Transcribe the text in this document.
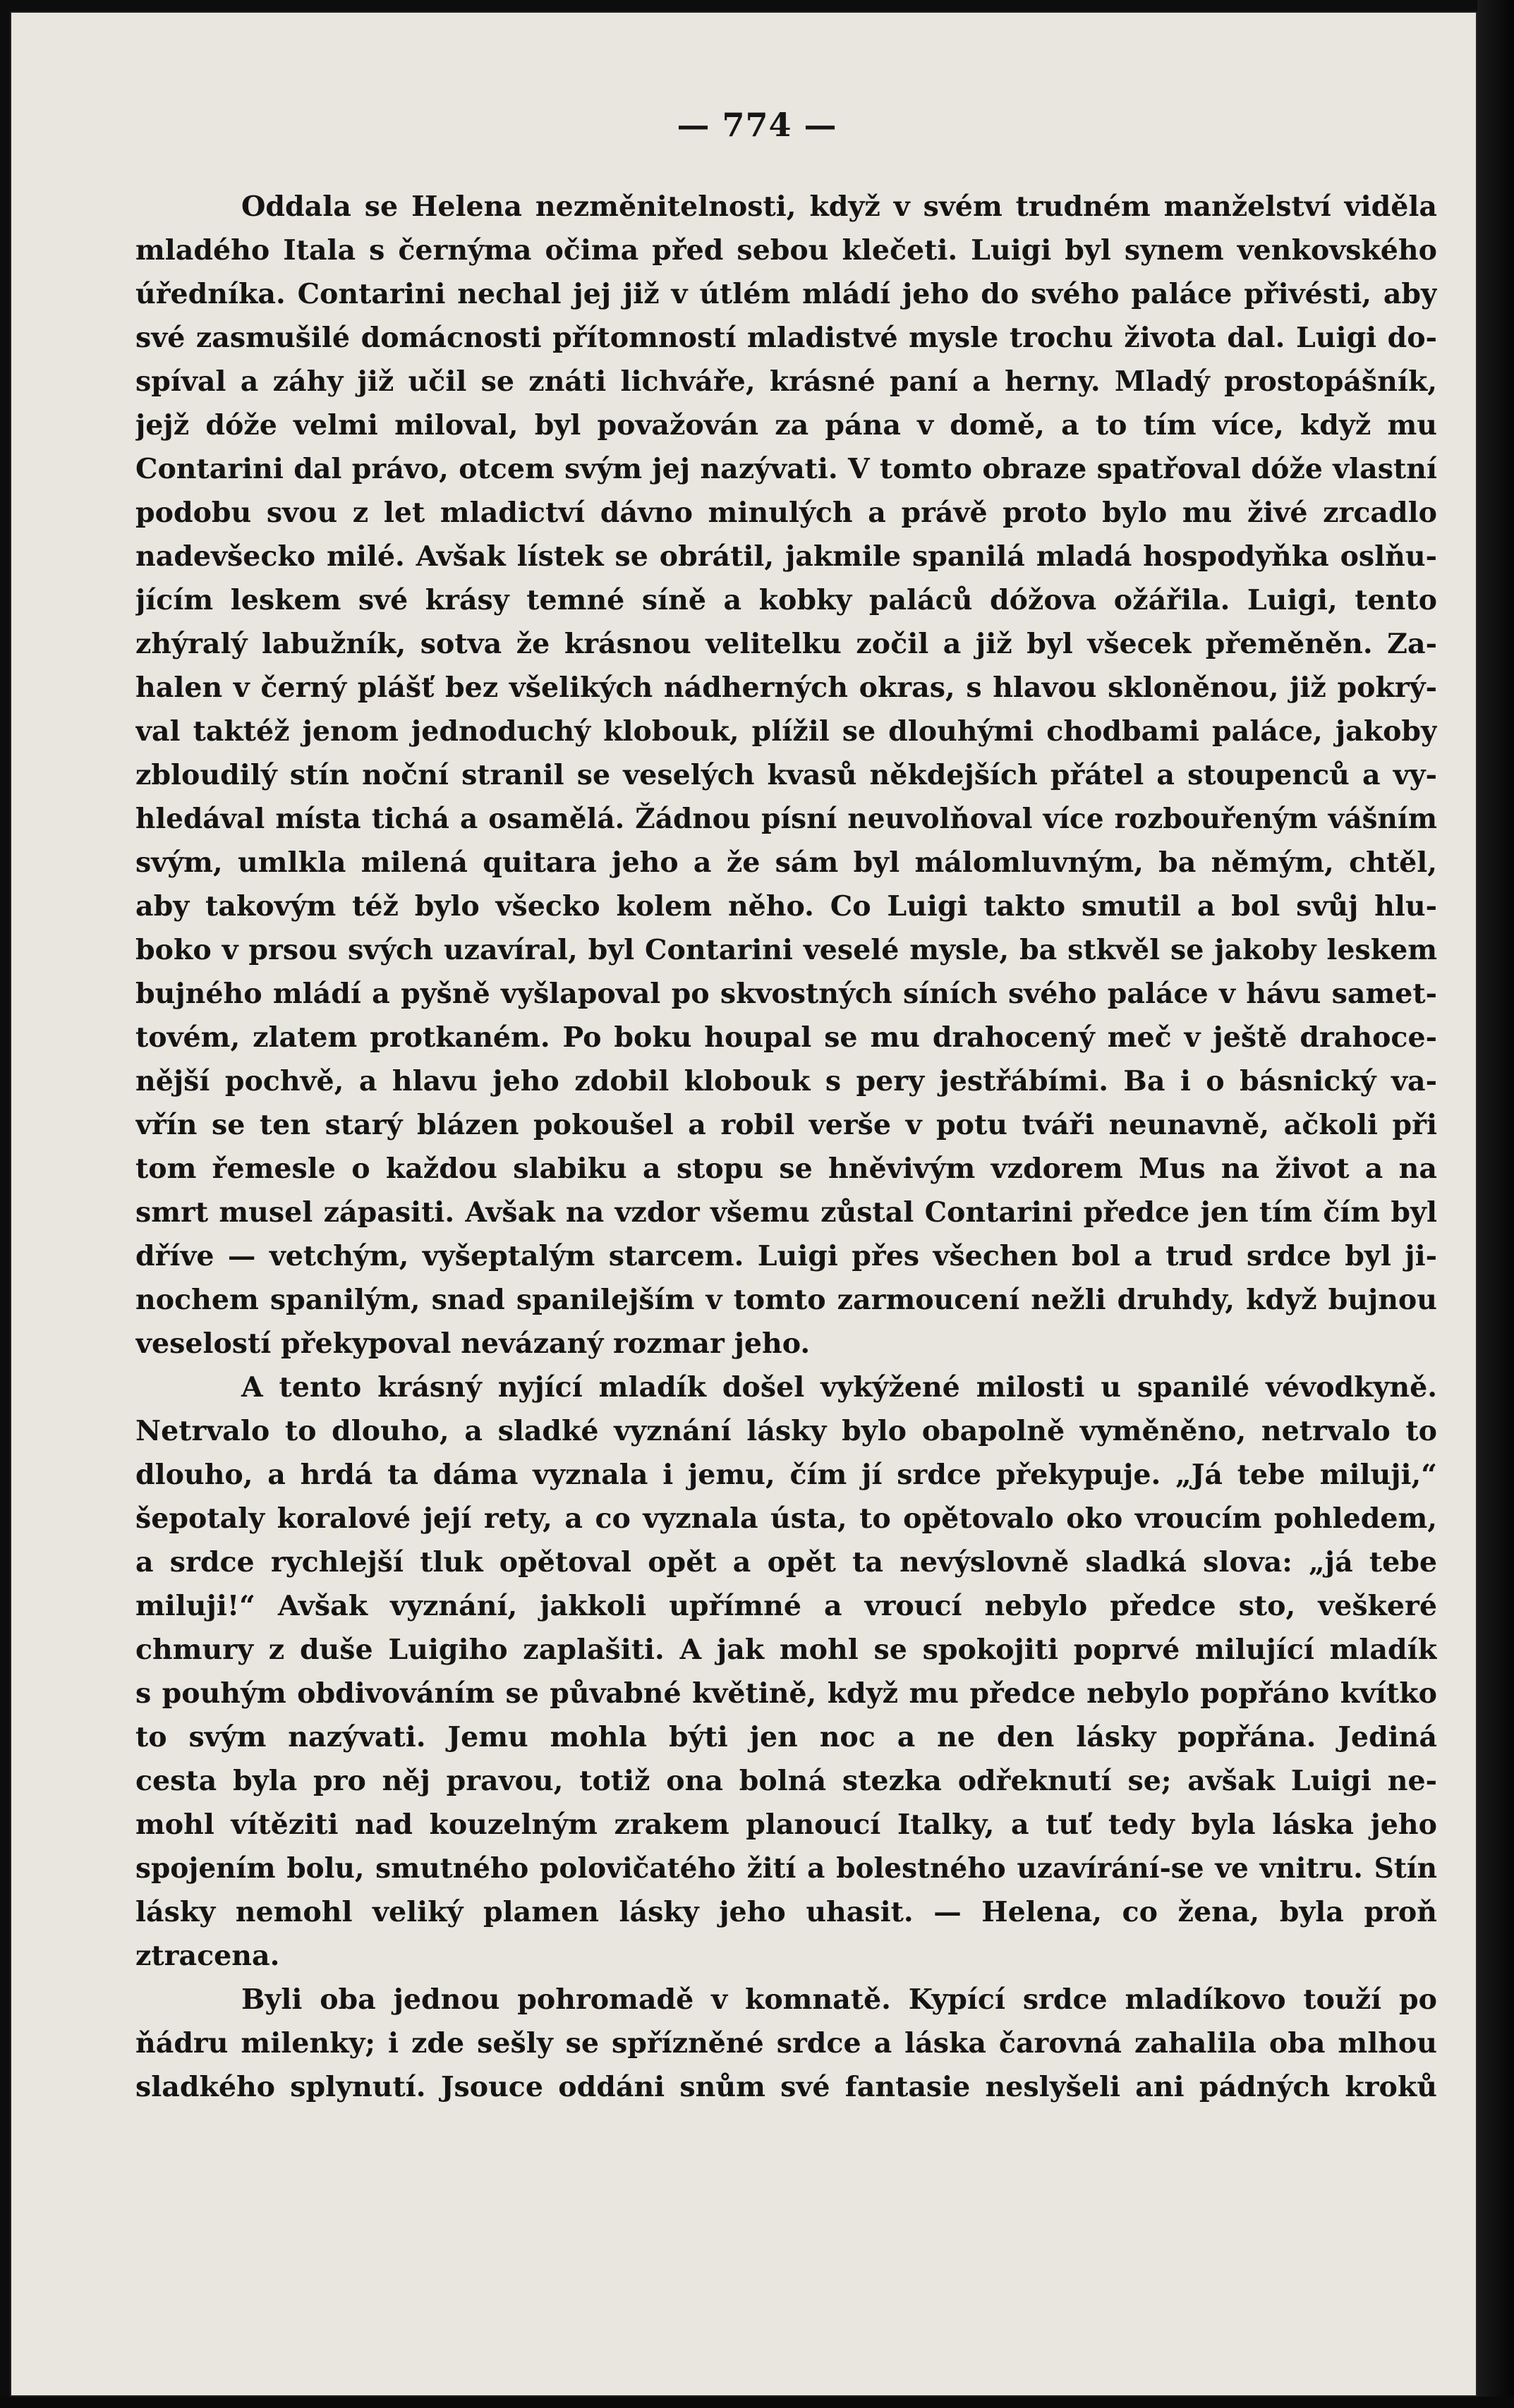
— 774 —
Oddala se Helena nezměnitelnosti, když v svém trudném manželství viděla
mladého Itala s černýma očima před sebou klečeti. Luigi byl synem venkovského
úředníka. Contarini nechal jej již v útlém mládí jeho do svého paláce přivésti, aby
své zasmušilé domácnosti přítomností mladistvé mysle trochu života dal. Luigi do-
spíval a záhy již učil se znáti lichváře, krásné paní a herny. Mladý prostopášník,
jejž dóže velmi miloval, byl považován za pána v domě, a to tím více, když mu
Contarini dal právo, otcem svým jej nazývati. V tomto obraze spatřoval dóže vlastní
podobu svou z let mladictví dávno minulých a právě proto bylo mu živé zrcadlo
nadevšecko milé. Avšak lístek se obrátil, jakmile spanilá mladá hospodyňka oslňu-
jícím leskem své krásy temné síně a kobky paláců dóžova ožářila. Luigi, tento
zhýralý labužník, sotva že krásnou velitelku zočil a již byl všecek přeměněn. Za-
halen v černý plášť bez všelikých nádherných okras, s hlavou skloněnou, již pokrý-
val taktéž jenom jednoduchý klobouk, plížil se dlouhými chodbami paláce, jakoby
zbloudilý stín noční stranil se veselých kvasů někdejších přátel a stoupenců a vy-
hledával místa tichá a osamělá. Žádnou písní neuvolňoval více rozbouřeným vášním
svým, umlkla milená quitara jeho a že sám byl málomluvným, ba němým, chtěl,
aby takovým též bylo všecko kolem něho. Co Luigi takto smutil a bol svůj hlu-
boko v prsou svých uzavíral, byl Contarini veselé mysle, ba stkvěl se jakoby leskem
bujného mládí a pyšně vyšlapoval po skvostných síních svého paláce v hávu samet-
tovém, zlatem protkaném. Po boku houpal se mu drahocený meč v ještě drahoce-
nější pochvě, a hlavu jeho zdobil klobouk s pery jestřábími. Ba i o básnický va-
vřín se ten starý blázen pokoušel a robil verše v potu tváři neunavně, ačkoli při
tom řemesle o každou slabiku a stopu se hněvivým vzdorem Mus na život a na
smrt musel zápasiti. Avšak na vzdor všemu zůstal Contarini předce jen tím čím byl
dříve — vetchým, vyšeptalým starcem. Luigi přes všechen bol a trud srdce byl ji-
nochem spanilým, snad spanilejším v tomto zarmoucení nežli druhdy, když bujnou
veselostí překypoval nevázaný rozmar jeho.
A tento krásný nyjící mladík došel vykýžené milosti u spanilé vévodkyně.
Netrvalo to dlouho, a sladké vyznání lásky bylo obapolně vyměněno, netrvalo to
dlouho, a hrdá ta dáma vyznala i jemu, čím jí srdce překypuje. „Já tebe miluji,“
šepotaly koralové její rety, a co vyznala ústa, to opětovalo oko vroucím pohledem,
a srdce rychlejší tluk opětoval opět a opět ta nevýslovně sladká slova: „já tebe
miluji!“ Avšak vyznání, jakkoli upřímné a vroucí nebylo předce sto, veškeré
chmury z duše Luigiho zaplašiti. A jak mohl se spokojiti poprvé milující mladík
s pouhým obdivováním se půvabné květině, když mu předce nebylo popřáno kvítko
to svým nazývati. Jemu mohla býti jen noc a ne den lásky popřána. Jediná
cesta byla pro něj pravou, totiž ona bolná stezka odřeknutí se; avšak Luigi ne-
mohl vítěziti nad kouzelným zrakem planoucí Italky, a tuť tedy byla láska jeho
spojením bolu, smutného polovičatého žití a bolestného uzavírání-se ve vnitru. Stín
lásky nemohl veliký plamen lásky jeho uhasit. — Helena, co žena, byla proň
ztracena.
Byli oba jednou pohromadě v komnatě. Kypící srdce mladíkovo touží po
ňádru milenky; i zde sešly se spřízněné srdce a láska čarovná zahalila oba mlhou
sladkého splynutí. Jsouce oddáni snům své fantasie neslyšeli ani pádných kroků
